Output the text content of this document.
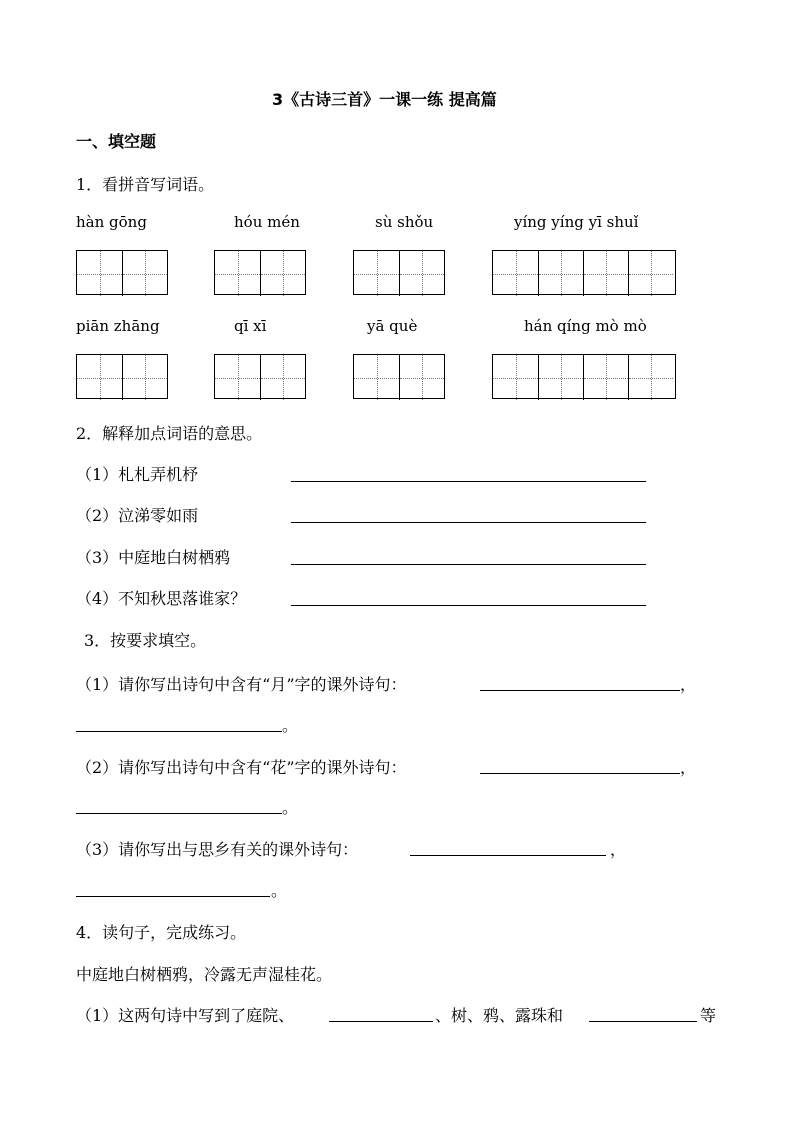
3《古诗三首》一课一练 提高篇
一、填空题
1．看拼音写词语。
hàn gōng	hóu mén	sù shǒu	yíng yíng yī shuǐ
piān zhāng	qī xī	yā què	hán qíng mò mò
2．解释加点词语的意思。
（1）札札弄机杼
（2）泣涕零如雨
（3）中庭地白树栖鸦
（4）不知秋思落谁家？
3．按要求填空。
（1）请你写出诗句中含有“月”字的课外诗句：	，
。
（2）请你写出诗句中含有“花”字的课外诗句：	，
。
（3）请你写出与思乡有关的课外诗句：	，
。
4．读句子，完成练习。
中庭地白树栖鸦，冷露无声湿桂花。
（1）这两句诗中写到了庭院、	、树、鸦、露珠和	等
